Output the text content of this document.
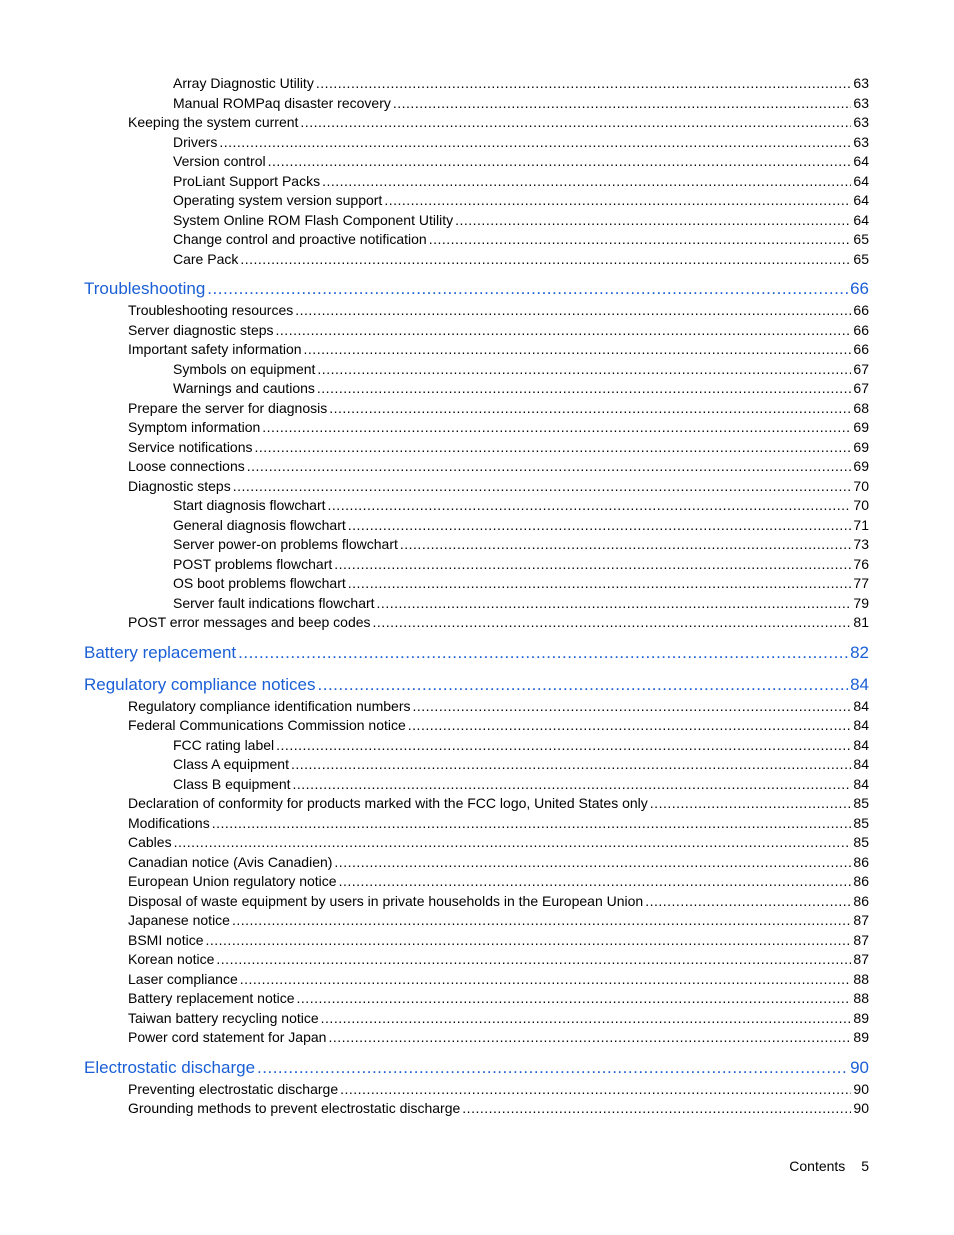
Array Diagnostic Utility .....	63
Manual ROMPaq disaster recovery .....	63
Keeping the system current .....	63
Drivers .....	63
Version control .....	64
ProLiant Support Packs .....	64
Operating system version support .....	64
System Online ROM Flash Component Utility .....	64
Change control and proactive notification .....	65
Care Pack .....	65
Troubleshooting .....	66
Troubleshooting resources .....	66
Server diagnostic steps .....	66
Important safety information .....	66
Symbols on equipment .....	67
Warnings and cautions .....	67
Prepare the server for diagnosis .....	68
Symptom information .....	69
Service notifications .....	69
Loose connections .....	69
Diagnostic steps .....	70
Start diagnosis flowchart .....	70
General diagnosis flowchart .....	71
Server power-on problems flowchart .....	73
POST problems flowchart .....	76
OS boot problems flowchart .....	77
Server fault indications flowchart .....	79
POST error messages and beep codes .....	81
Battery replacement .....	82
Regulatory compliance notices .....	84
Regulatory compliance identification numbers .....	84
Federal Communications Commission notice .....	84
FCC rating label .....	84
Class A equipment .....	84
Class B equipment .....	84
Declaration of conformity for products marked with the FCC logo, United States only .....	85
Modifications .....	85
Cables .....	85
Canadian notice (Avis Canadien) .....	86
European Union regulatory notice .....	86
Disposal of waste equipment by users in private households in the European Union .....	86
Japanese notice .....	87
BSMI notice .....	87
Korean notice .....	87
Laser compliance .....	88
Battery replacement notice .....	88
Taiwan battery recycling notice .....	89
Power cord statement for Japan .....	89
Electrostatic discharge .....	90
Preventing electrostatic discharge .....	90
Grounding methods to prevent electrostatic discharge .....	90
Contents 5
